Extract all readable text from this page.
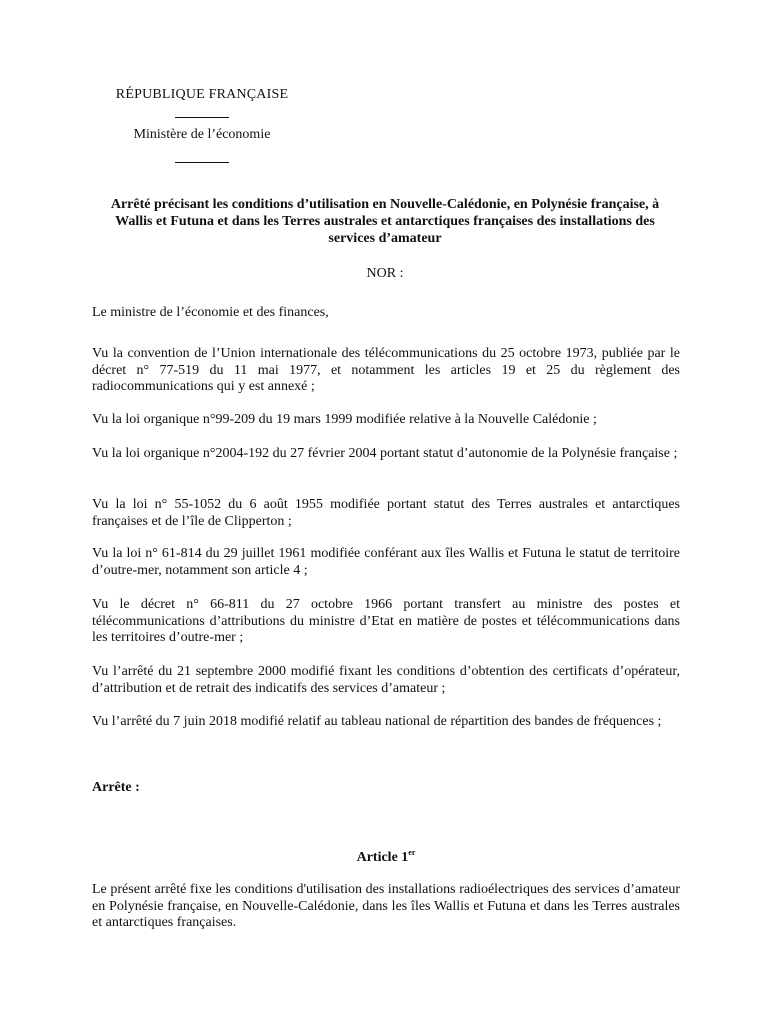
RÉPUBLIQUE FRANÇAISE

Ministère de l’économie

Arrêté précisant les conditions d’utilisation en Nouvelle-Calédonie, en Polynésie française, à Wallis et Futuna et dans les Terres australes et antarctiques françaises des installations des services d’amateur

NOR :

Le ministre de l’économie et des finances,

Vu la convention de l’Union internationale des télécommunications du 25 octobre 1973, publiée par le décret n° 77-519 du 11 mai 1977, et notamment les articles 19 et 25 du règlement des radiocommunications qui y est annexé ;

Vu la loi organique n°99-209 du 19 mars 1999 modifiée relative à la Nouvelle Calédonie ;

Vu la loi organique n°2004-192 du 27 février 2004 portant statut d’autonomie de la Polynésie française ;

Vu la loi n° 55-1052 du 6 août 1955 modifiée portant statut des Terres australes et antarctiques françaises et de l’île de Clipperton ;

Vu la loi n° 61-814 du 29 juillet 1961 modifiée conférant aux îles Wallis et Futuna le statut de territoire d’outre-mer, notamment son article 4 ;

Vu le décret n° 66-811 du 27 octobre 1966 portant transfert au ministre des postes et télécommunications d’attributions du ministre d’Etat en matière de postes et télécommunications dans les territoires d’outre-mer ;

Vu l’arrêté du 21 septembre 2000 modifié fixant les conditions d’obtention des certificats d’opérateur, d’attribution et de retrait des indicatifs des services d’amateur ;

Vu l’arrêté du 7 juin 2018 modifié relatif au tableau national de répartition des bandes de fréquences ;

Arrête :

Article 1er

Le présent arrêté fixe les conditions d'utilisation des installations radioélectriques des services d’amateur en Polynésie française, en Nouvelle-Calédonie, dans les îles Wallis et Futuna et dans les Terres australes et antarctiques françaises.
